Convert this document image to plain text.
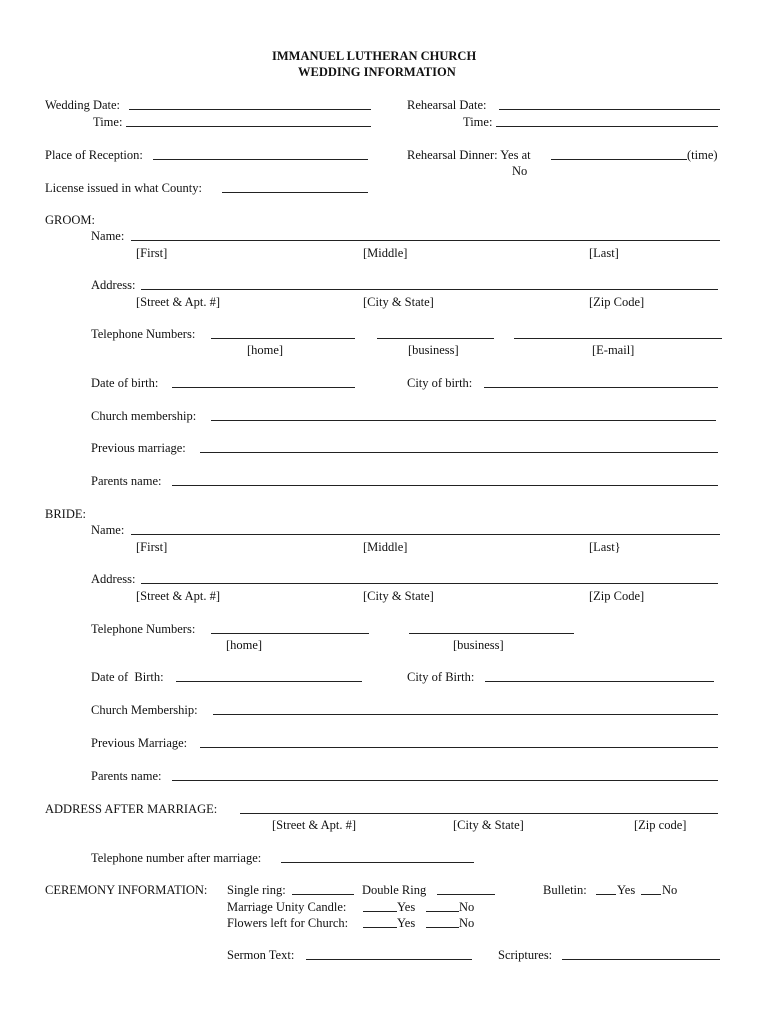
IMMANUEL LUTHERAN CHURCH
WEDDING INFORMATION
Wedding Date:
Time:
Rehearsal Date:
Time:
Place of Reception:	Rehearsal Dinner: Yes at	(time)
No
License issued in what County:
GROOM:
Name:
[First]	[Middle]	[Last]
Address:
[Street & Apt. #]	[City & State]	[Zip Code]
Telephone Numbers:
[home]	[business]	[E-mail]
Date of birth:	City of birth:
Church membership:
Previous marriage:
Parents name:
BRIDE:
Name:
[First]	[Middle]	[Last}
Address:
[Street & Apt. #]	[City & State]	[Zip Code]
Telephone Numbers:
[home]	[business]
Date of  Birth:	City of Birth:
Church Membership:
Previous Marriage:
Parents name:
ADDRESS AFTER MARRIAGE:
[Street & Apt. #]	[City & State]	[Zip code]
Telephone number after marriage:
CEREMONY INFORMATION: Single ring:	Double Ring	Bulletin: Yes No
Marriage Unity Candle:	Yes	No
Flowers left for Church:	Yes	No
Sermon Text:	Scriptures:
